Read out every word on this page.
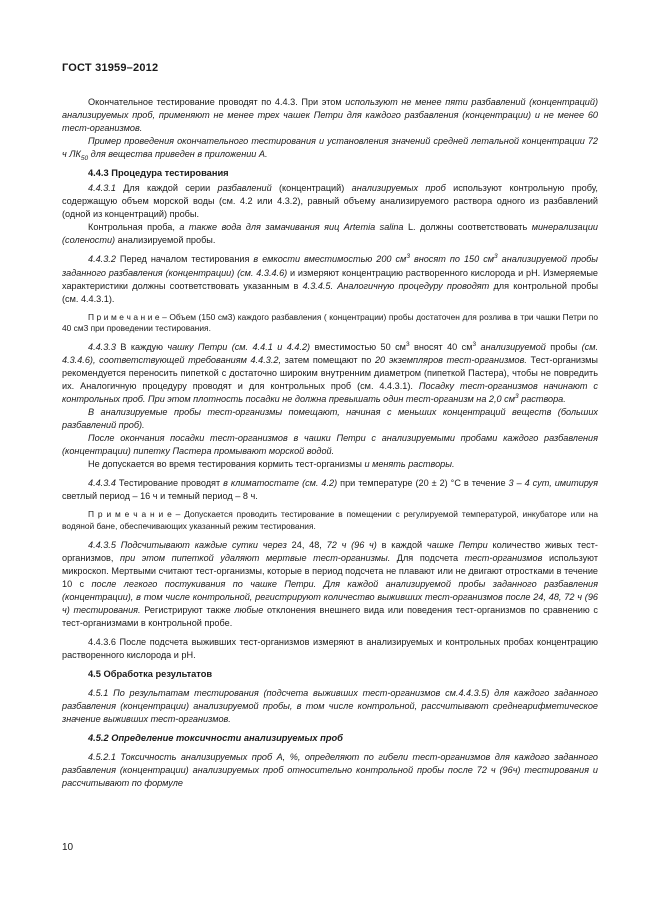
ГОСТ 31959–2012

Окончательное тестирование проводят по 4.4.3. При этом используют не менее пяти разбавлений (концентраций) анализируемых проб, применяют не менее трех чашек Петри для каждого разбавления (концентрации) и не менее 60 тест-организмов.

Пример проведения окончательного тестирования и установления значений средней летальной концентрации 72 ч $ЛК_{50}$ для вещества приведен в приложении А.

4.4.3 Процедура тестирования

4.4.3.1 Для каждой серии разбавлений (концентраций) анализируемых проб используют контрольную пробу, содержащую объем морской воды (см. 4.2 или 4.3.2), равный объему анализируемого раствора одного из разбавлений (одной из концентраций) пробы.

Контрольная проба, а также вода для замачивания яиц Artemia salina L. должны соответствовать минерализации (солености) анализируемой пробы.

4.4.3.2 Перед началом тестирования в емкости вместимостью 200 $см^3$ вносят по 150 $см^3$ анализируемой пробы заданного разбавления (концентрации) (см. 4.3.4.6) и измеряют концентрацию растворенного кислорода и рН. Измеряемые характеристики должны соответствовать указанным в 4.3.4.5. Аналогичную процедуру проводят для контрольной пробы (см. 4.4.3.1).

П р и м е ч а н и е – Объем (150 см3) каждого разбавления ( концентрации) пробы достаточен для розлива в три чашки Петри по 40 см3 при проведении тестирования.

4.4.3.3 В каждую чашку Петри (см. 4.4.1 и 4.4.2) вместимостью 50 $см^3$ вносят 40 $см^3$ анализируемой пробы (см. 4.3.4.6), соответствующей требованиям 4.4.3.2, затем помещают по 20 экземпляров тест-организмов. Тест-организмы рекомендуется переносить пипеткой с достаточно широким внутренним диаметром (пипеткой Пастера), чтобы не повредить их. Аналогичную процедуру проводят и для контрольных проб (см. 4.4.3.1). Посадку тест-организмов начинают с контрольных проб. При этом плотность посадки не должна превышать один тест-организм на 2,0 $см^3$ раствора.

В анализируемые пробы тест-организмы помещают, начиная с меньших концентраций веществ (больших разбавлений проб).

После окончания посадки тест-организмов в чашки Петри с анализируемыми пробами каждого разбавления (концентрации) пипетку Пастера промывают морской водой.

Не допускается во время тестирования кормить тест-организмы и менять растворы.

4.4.3.4 Тестирование проводят в климатостате (см. 4.2) при температуре (20 ± 2) °С в течение 3 – 4 сут, имитируя светлый период – 16 ч и темный период – 8 ч.

П р и м е ч а н и е – Допускается проводить тестирование в помещении с регулируемой температурой, инкубаторе или на водяной бане, обеспечивающих указанный режим тестирования.

4.4.3.5 Подсчитывают каждые сутки через 24, 48, 72 ч (96 ч) в каждой чашке Петри количество живых тест-организмов, при этом пипеткой удаляют мертвые тест-организмы. Для подсчета тест-организмов используют микроскоп. Мертвыми считают тест-организмы, которые в период подсчета не плавают или не двигают отростками в течение 10 с после легкого постукивания по чашке Петри. Для каждой анализируемой пробы заданного разбавления (концентрации), в том числе контрольной, регистрируют количество выживших тест-организмов после 24, 48, 72 ч (96 ч) тестирования. Регистрируют также любые отклонения внешнего вида или поведения тест-организмов по сравнению с тест-организмами в контрольной пробе.

4.4.3.6 После подсчета выживших тест-организмов измеряют в анализируемых и контрольных пробах концентрацию растворенного кислорода и рН.

4.5 Обработка результатов

4.5.1 По результатам тестирования (подсчета выживших тест-организмов см.4.4.3.5) для каждого заданного разбавления (концентрации) анализируемой пробы, в том числе контрольной, рассчитывают среднеарифметическое значение выживших тест-организмов.

4.5.2 Определение токсичности анализируемых проб

4.5.2.1 Токсичность анализируемых проб А, %, определяют по гибели тест-организмов для каждого заданного разбавления (концентрации) анализируемых проб относительно контрольной пробы после 72 ч (96ч) тестирования и рассчитывают по формуле

10
